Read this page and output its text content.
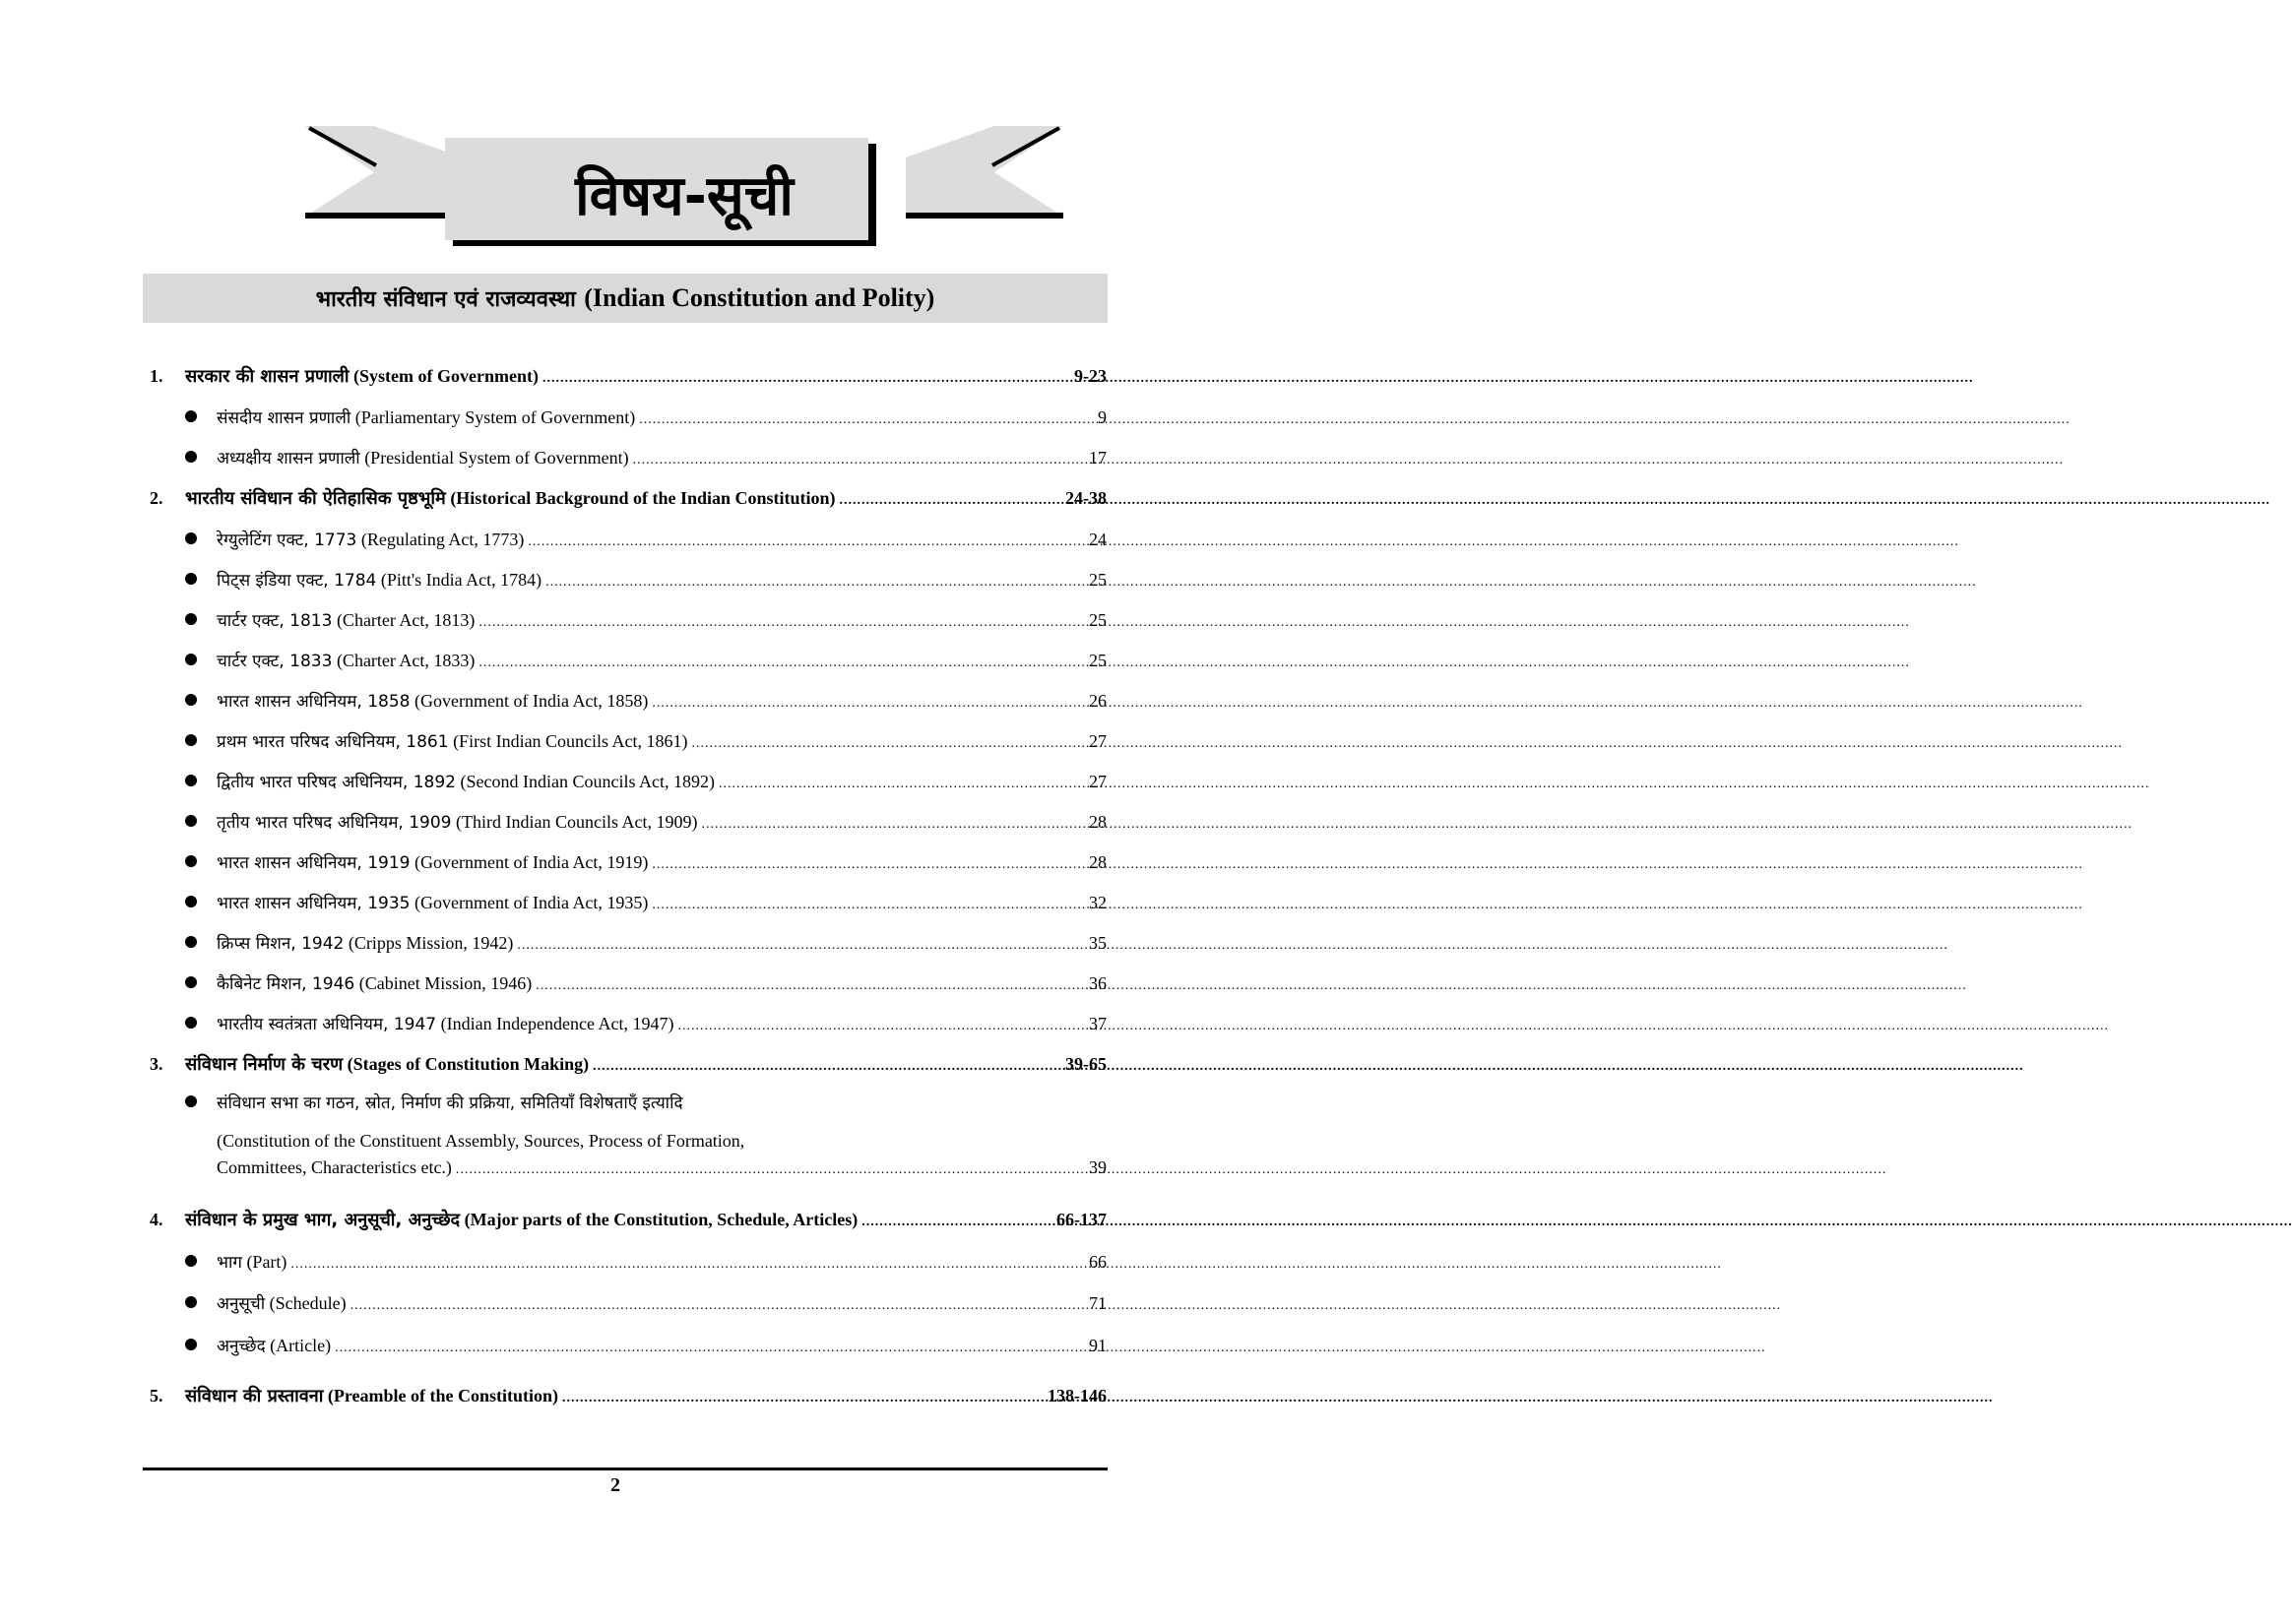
विषय-सूची
भारतीय संविधान एवं राजव्यवस्था (Indian Constitution and Polity)
1.	सरकार की शासन प्रणाली (System of Government) .....	9-23
संसदीय शासन प्रणाली (Parliamentary System of Government) .....	9
अध्यक्षीय शासन प्रणाली (Presidential System of Government) .....	17
2.	भारतीय संविधान की ऐतिहासिक पृष्ठभूमि (Historical Background of the Indian Constitution) .....	24-38
रेग्युलेटिंग एक्ट, 1773 (Regulating Act, 1773) .....	24
पिट्स इंडिया एक्ट, 1784 (Pitt's India Act, 1784) .....	25
चार्टर एक्ट, 1813 (Charter Act, 1813) .....	25
चार्टर एक्ट, 1833 (Charter Act, 1833) .....	25
भारत शासन अधिनियम, 1858 (Government of India Act, 1858) .....	26
प्रथम भारत परिषद अधिनियम, 1861 (First Indian Councils Act, 1861) .....	27
द्वितीय भारत परिषद अधिनियम, 1892 (Second Indian Councils Act, 1892) .....	27
तृतीय भारत परिषद अधिनियम, 1909 (Third Indian Councils Act, 1909) .....	28
भारत शासन अधिनियम, 1919 (Government of India Act, 1919) .....	28
भारत शासन अधिनियम, 1935 (Government of India Act, 1935) .....	32
क्रिप्स मिशन, 1942 (Cripps Mission, 1942) .....	35
कैबिनेट मिशन, 1946 (Cabinet Mission, 1946) .....	36
भारतीय स्वतंत्रता अधिनियम, 1947 (Indian Independence Act, 1947) .....	37
3.	संविधान निर्माण के चरण (Stages of Constitution Making) .....	39-65
संविधान सभा का गठन, स्रोत, निर्माण की प्रक्रिया, समितियाँ विशेषताएँ इत्यादि
(Constitution of the Constituent Assembly, Sources, Process of Formation,
Committees, Characteristics etc.) .....	39
4.	संविधान के प्रमुख भाग, अनुसूची, अनुच्छेद (Major parts of the Constitution, Schedule, Articles) .....	66-137
भाग (Part) .....	66
अनुसूची (Schedule) .....	71
अनुच्छेद (Article) .....	91
5.	संविधान की प्रस्तावना (Preamble of the Constitution) .....	138-146
2
